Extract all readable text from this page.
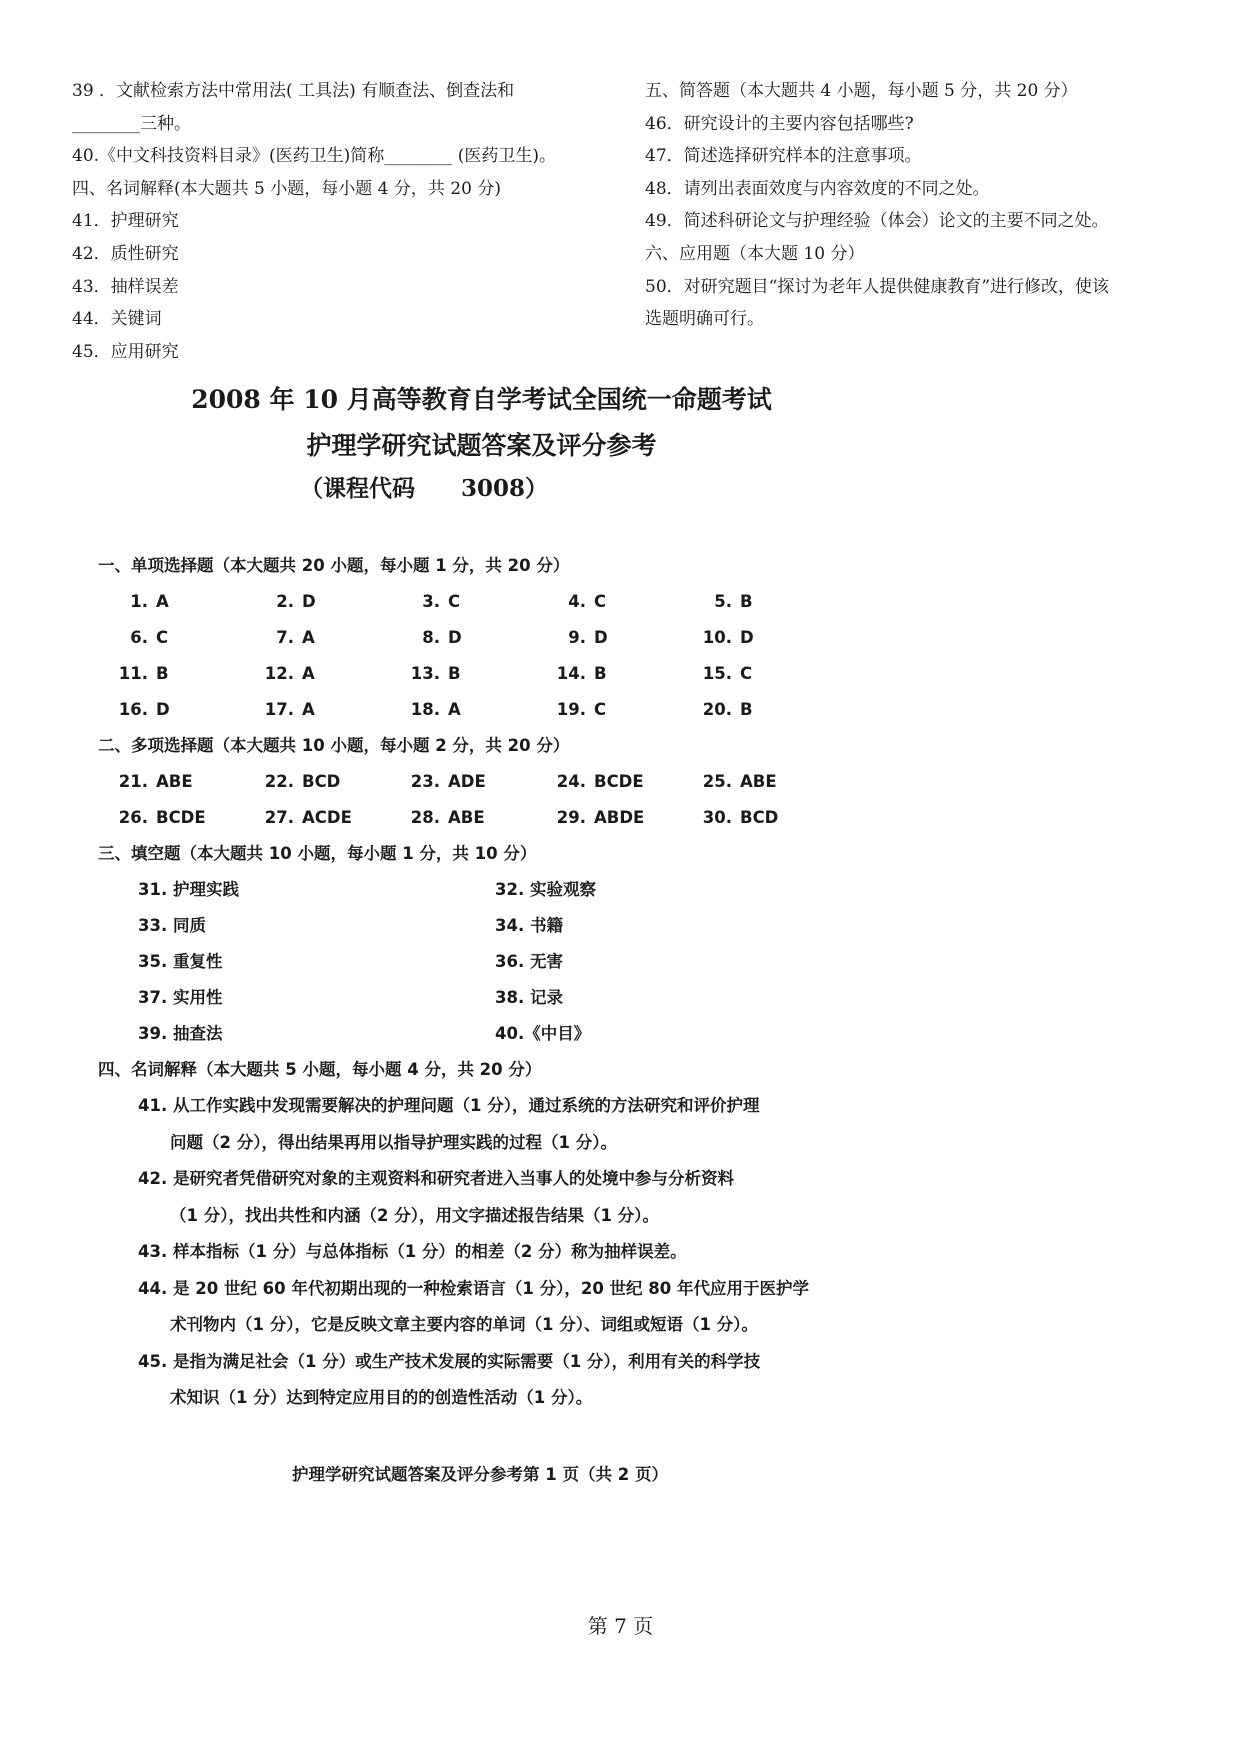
39 ．文献检索方法中常用法( 工具法) 有顺查法、倒查法和
________三种。
40.《中文科技资料目录》(医药卫生)简称________ (医药卫生)。
四、名词解释(本大题共 5 小题，每小题 4 分，共 20 分)
41．护理研究
42．质性研究
43．抽样误差
44．关键词
45．应用研究
五、简答题（本大题共 4 小题，每小题 5 分，共 20 分）
46．研究设计的主要内容包括哪些?
47．简述选择研究样本的注意事项。
48．请列出表面效度与内容效度的不同之处。
49．简述科研论文与护理经验（体会）论文的主要不同之处。
六、应用题（本大题 10 分）
50．对研究题目“探讨为老年人提供健康教育”进行修改，使该
选题明确可行。
2008 年 10 月高等教育自学考试全国统一命题考试
护理学研究试题答案及评分参考
（课程代码　　3008）
一、单项选择题（本大题共 20 小题，每小题 1 分，共 20 分）
1. A	2. D	3. C	4. C	5. B
6. C	7. A	8. D	9. D	10. D
11. B	12. A	13. B	14. B	15. C
16. D	17. A	18. A	19. C	20. B
二、多项选择题（本大题共 10 小题，每小题 2 分，共 20 分）
21. ABE	22. BCD	23. ADE	24. BCDE	25. ABE
26. BCDE	27. ACDE	28. ABE	29. ABDE	30. BCD
三、填空题（本大题共 10 小题，每小题 1 分，共 10 分）
31. 护理实践	32. 实验观察
33. 同质	34. 书籍
35. 重复性	36. 无害
37. 实用性	38. 记录
39. 抽查法	40.《中目》
四、名词解释（本大题共 5 小题，每小题 4 分，共 20 分）
41. 从工作实践中发现需要解决的护理问题（1 分），通过系统的方法研究和评价护理
问题（2 分），得出结果再用以指导护理实践的过程（1 分）。
42. 是研究者凭借研究对象的主观资料和研究者进入当事人的处境中参与分析资料
（1 分），找出共性和内涵（2 分），用文字描述报告结果（1 分）。
43. 样本指标（1 分）与总体指标（1 分）的相差（2 分）称为抽样误差。
44. 是 20 世纪 60 年代初期出现的一种检索语言（1 分），20 世纪 80 年代应用于医护学
术刊物内（1 分），它是反映文章主要内容的单词（1 分）、词组或短语（1 分）。
45. 是指为满足社会（1 分）或生产技术发展的实际需要（1 分），利用有关的科学技
术知识（1 分）达到特定应用目的的创造性活动（1 分）。
护理学研究试题答案及评分参考第 1 页（共 2 页）
第 7 页
